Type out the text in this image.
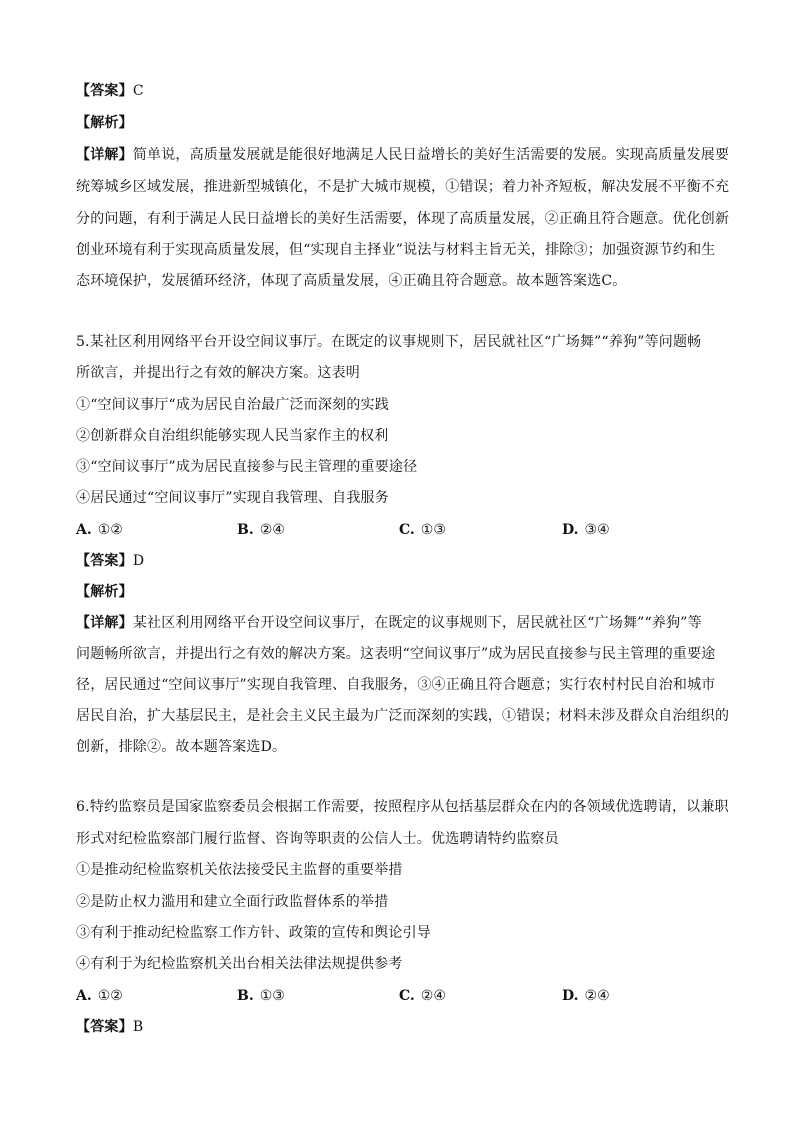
【答案】C
【解析】
【详解】简单说，高质量发展就是能很好地满足人民日益增长的美好生活需要的发展。实现高质量发展要
统筹城乡区域发展，推进新型城镇化，不是扩大城市规模，①错误；着力补齐短板，解决发展不平衡不充
分的问题，有利于满足人民日益增长的美好生活需要，体现了高质量发展，②正确且符合题意。优化创新
创业环境有利于实现高质量发展，但“实现自主择业”说法与材料主旨无关，排除③；加强资源节约和生
态环境保护，发展循环经济，体现了高质量发展，④正确且符合题意。故本题答案选C。
5.某社区利用网络平台开设空间议事厅。在既定的议事规则下，居民就社区“广场舞”“养狗”等问题畅
所欲言，并提出行之有效的解决方案。这表明
①“空间议事厅“成为居民自治最广泛而深刻的实践
②创新群众自治组织能够实现人民当家作主的权利
③“空间议事厅”成为居民直接参与民主管理的重要途径
④居民通过“空间议事厅”实现自我管理、自我服务
A. ①②	B. ②④	C. ①③	D. ③④
【答案】D
【解析】
【详解】某社区利用网络平台开设空间议事厅，在既定的议事规则下，居民就社区“广场舞”“养狗”等
问题畅所欲言，并提出行之有效的解决方案。这表明“空间议事厅”成为居民直接参与民主管理的重要途
径，居民通过“空间议事厅”实现自我管理、自我服务，③④正确且符合题意；实行农村村民自治和城市
居民自治，扩大基层民主，是社会主义民主最为广泛而深刻的实践，①错误；材料未涉及群众自治组织的
创新，排除②。故本题答案选D。
6.特约监察员是国家监察委员会根据工作需要，按照程序从包括基层群众在内的各领域优选聘请，以兼职
形式对纪检监察部门履行监督、咨询等职责的公信人士。优选聘请特约监察员
①是推动纪检监察机关依法接受民主监督的重要举措
②是防止权力滥用和建立全面行政监督体系的举措
③有利于推动纪检监察工作方针、政策的宣传和舆论引导
④有利于为纪检监察机关出台相关法律法规提供参考
A. ①②	B. ①③	C. ②④	D. ②④
【答案】B
